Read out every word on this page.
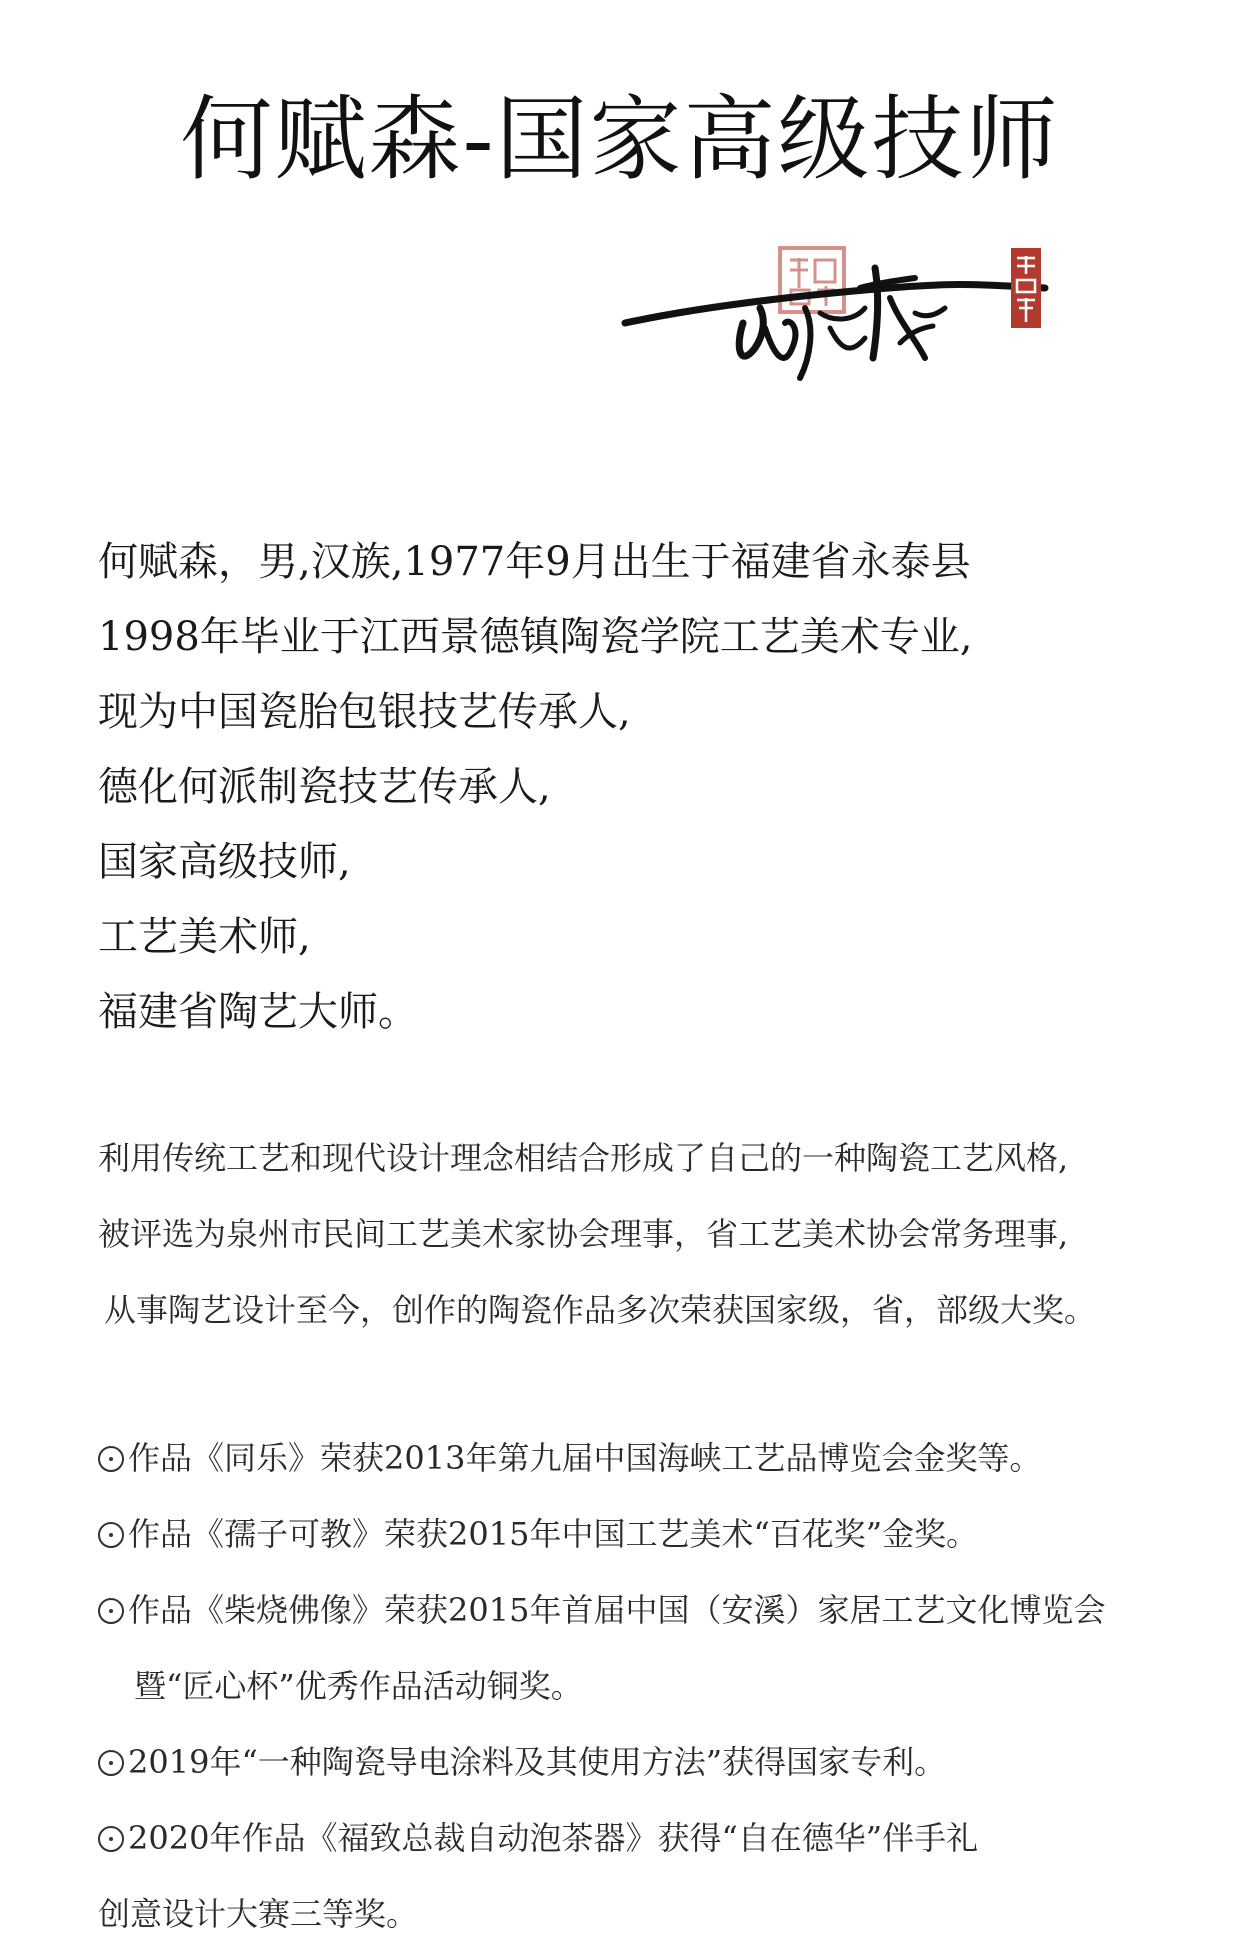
何赋森-国家高级技师
何赋森，男,汉族,1977年9月出生于福建省永泰县
1998年毕业于江西景德镇陶瓷学院工艺美术专业,
现为中国瓷胎包银技艺传承人,
德化何派制瓷技艺传承人,
国家高级技师,
工艺美术师,
福建省陶艺大师。
利用传统工艺和现代设计理念相结合形成了自己的一种陶瓷工艺风格,
被评选为泉州市民间工艺美术家协会理事，省工艺美术协会常务理事,
从事陶艺设计至今，创作的陶瓷作品多次荣获国家级，省，部级大奖。
作品《同乐》荣获2013年第九届中国海峡工艺品博览会金奖等。
作品《孺子可教》荣获2015年中国工艺美术“百花奖”金奖。
作品《柴烧佛像》荣获2015年首届中国（安溪）家居工艺文化博览会
暨“匠心杯”优秀作品活动铜奖。
2019年“一种陶瓷导电涂料及其使用方法”获得国家专利。
2020年作品《福致总裁自动泡茶器》获得“自在德华”伴手礼
创意设计大赛三等奖。
